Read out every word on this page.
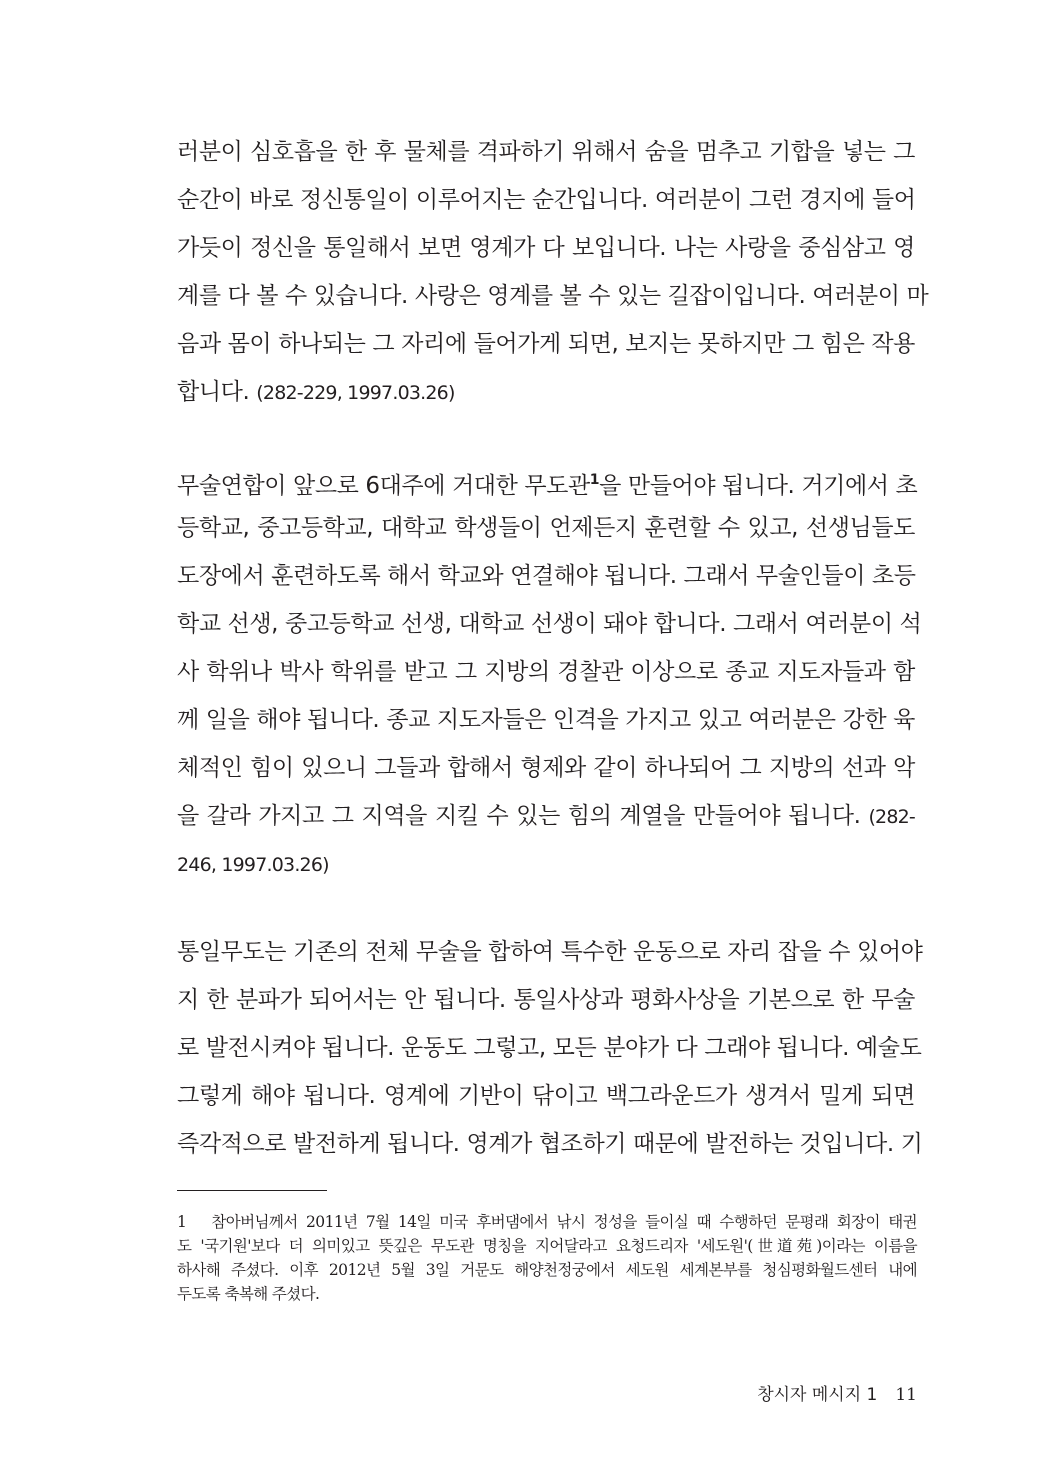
러분이 심호흡을 한 후 물체를 격파하기 위해서 숨을 멈추고 기합을 넣는 그
순간이 바로 정신통일이 이루어지는 순간입니다. 여러분이 그런 경지에 들어
가듯이 정신을 통일해서 보면 영계가 다 보입니다. 나는 사랑을 중심삼고 영
계를 다 볼 수 있습니다. 사랑은 영계를 볼 수 있는 길잡이입니다. 여러분이 마
음과 몸이 하나되는 그 자리에 들어가게 되면, 보지는 못하지만 그 힘은 작용
합니다. (282-229, 1997.03.26)
무술연합이 앞으로 6대주에 거대한 무도관$^1$을 만들어야 됩니다. 거기에서 초
등학교, 중고등학교, 대학교 학생들이 언제든지 훈련할 수 있고, 선생님들도
도장에서 훈련하도록 해서 학교와 연결해야 됩니다. 그래서 무술인들이 초등
학교 선생, 중고등학교 선생, 대학교 선생이 돼야 합니다. 그래서 여러분이 석
사 학위나 박사 학위를 받고 그 지방의 경찰관 이상으로 종교 지도자들과 함
께 일을 해야 됩니다. 종교 지도자들은 인격을 가지고 있고 여러분은 강한 육
체적인 힘이 있으니 그들과 합해서 형제와 같이 하나되어 그 지방의 선과 악
을 갈라 가지고 그 지역을 지킬 수 있는 힘의 계열을 만들어야 됩니다. (282-
246, 1997.03.26)
통일무도는 기존의 전체 무술을 합하여 특수한 운동으로 자리 잡을 수 있어야
지 한 분파가 되어서는 안 됩니다. 통일사상과 평화사상을 기본으로 한 무술
로 발전시켜야 됩니다. 운동도 그렇고, 모든 분야가 다 그래야 됩니다. 예술도
그렇게 해야 됩니다. 영계에 기반이 닦이고 백그라운드가 생겨서 밀게 되면
즉각적으로 발전하게 됩니다. 영계가 협조하기 때문에 발전하는 것입니다. 기
1 참아버님께서 2011년 7월 14일 미국 후버댐에서 낚시 정성을 들이실 때 수행하던 문평래 회장이 태권
도 '국기원'보다 더 의미있고 뜻깊은 무도관 명칭을 지어달라고 요청드리자 '세도원'(世道苑)이라는 이름을
하사해 주셨다. 이후 2012년 5월 3일 거문도 해양천정궁에서 세도원 세계본부를 청심평화월드센터 내에
두도록 축복해 주셨다.
창시자 메시지 1 11
